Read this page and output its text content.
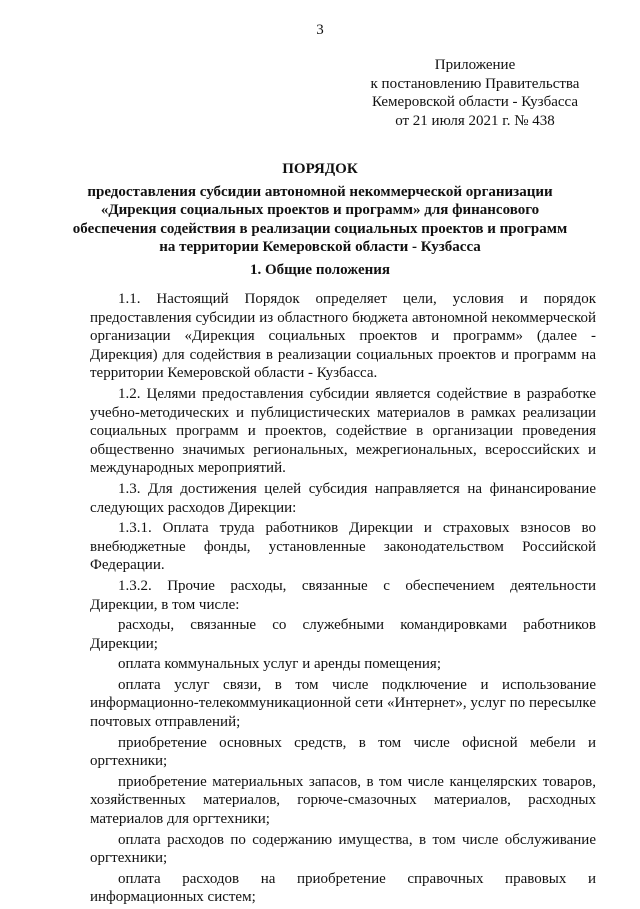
3
Приложение
к постановлению Правительства
Кемеровской области - Кузбасса
от 21 июля 2021 г. № 438
ПОРЯДОК
предоставления субсидии автономной некоммерческой организации
«Дирекция социальных проектов и программ» для финансового
обеспечения содействия в реализации социальных проектов и программ
на территории Кемеровской области - Кузбасса
1. Общие положения

1.1. Настоящий Порядок определяет цели, условия и порядок предоставления субсидии из областного бюджета автономной некоммерческой организации «Дирекция социальных проектов и программ» (далее - Дирекция) для содействия в реализации социальных проектов и программ на территории Кемеровской области - Кузбасса.

1.2. Целями предоставления субсидии является содействие в разработке учебно-методических и публицистических материалов в рамках реализации социальных программ и проектов, содействие в организации проведения общественно значимых региональных, межрегиональных, всероссийских и международных мероприятий.

1.3. Для достижения целей субсидия направляется на финансирование следующих расходов Дирекции:

1.3.1. Оплата труда работников Дирекции и страховых взносов во внебюджетные фонды, установленные законодательством Российской Федерации.

1.3.2. Прочие расходы, связанные с обеспечением деятельности Дирекции, в том числе:

расходы, связанные со служебными командировками работников Дирекции;

оплата коммунальных услуг и аренды помещения;

оплата услуг связи, в том числе подключение и использование информационно-телекоммуникационной сети «Интернет», услуг по пересылке почтовых отправлений;

приобретение основных средств, в том числе офисной мебели и оргтехники;

приобретение материальных запасов, в том числе канцелярских товаров, хозяйственных материалов, горюче-смазочных материалов, расходных материалов для оргтехники;

оплата расходов по содержанию имущества, в том числе обслуживание оргтехники;

оплата расходов на приобретение справочных правовых и информационных систем;
